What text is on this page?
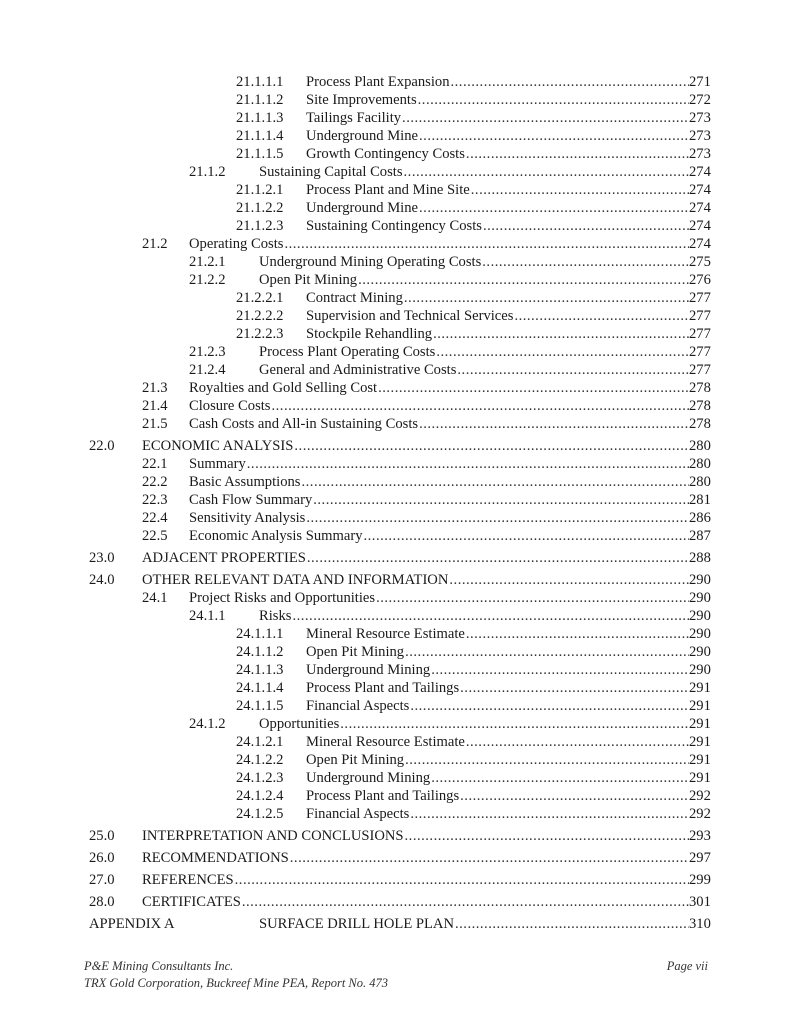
21.1.1.1 Process Plant Expansion .....	271
21.1.1.2 Site Improvements .....	272
21.1.1.3 Tailings Facility .....	273
21.1.1.4 Underground Mine .....	273
21.1.1.5 Growth Contingency Costs .....	273
21.1.2 Sustaining Capital Costs .....	274
21.1.2.1 Process Plant and Mine Site .....	274
21.1.2.2 Underground Mine .....	274
21.1.2.3 Sustaining Contingency Costs .....	274
21.2 Operating Costs .....	274
21.2.1 Underground Mining Operating Costs .....	275
21.2.2 Open Pit Mining .....	276
21.2.2.1 Contract Mining .....	277
21.2.2.2 Supervision and Technical Services .....	277
21.2.2.3 Stockpile Rehandling .....	277
21.2.3 Process Plant Operating Costs .....	277
21.2.4 General and Administrative Costs .....	277
21.3 Royalties and Gold Selling Cost .....	278
21.4 Closure Costs .....	278
21.5 Cash Costs and All-in Sustaining Costs .....	278
22.0 ECONOMIC ANALYSIS .....	280
22.1 Summary .....	280
22.2 Basic Assumptions .....	280
22.3 Cash Flow Summary .....	281
22.4 Sensitivity Analysis .....	286
22.5 Economic Analysis Summary .....	287
23.0 ADJACENT PROPERTIES .....	288
24.0 OTHER RELEVANT DATA AND INFORMATION .....	290
24.1 Project Risks and Opportunities .....	290
24.1.1 Risks .....	290
24.1.1.1 Mineral Resource Estimate .....	290
24.1.1.2 Open Pit Mining .....	290
24.1.1.3 Underground Mining .....	290
24.1.1.4 Process Plant and Tailings .....	291
24.1.1.5 Financial Aspects .....	291
24.1.2 Opportunities .....	291
24.1.2.1 Mineral Resource Estimate .....	291
24.1.2.2 Open Pit Mining .....	291
24.1.2.3 Underground Mining .....	291
24.1.2.4 Process Plant and Tailings .....	292
24.1.2.5 Financial Aspects .....	292
25.0 INTERPRETATION AND CONCLUSIONS .....	293
26.0 RECOMMENDATIONS .....	297
27.0 REFERENCES .....	299
28.0 CERTIFICATES .....	301
APPENDIX A	SURFACE DRILL HOLE PLAN .....	310
P&E Mining Consultants Inc.
TRX Gold Corporation, Buckreef Mine PEA, Report No. 473
Page vii
